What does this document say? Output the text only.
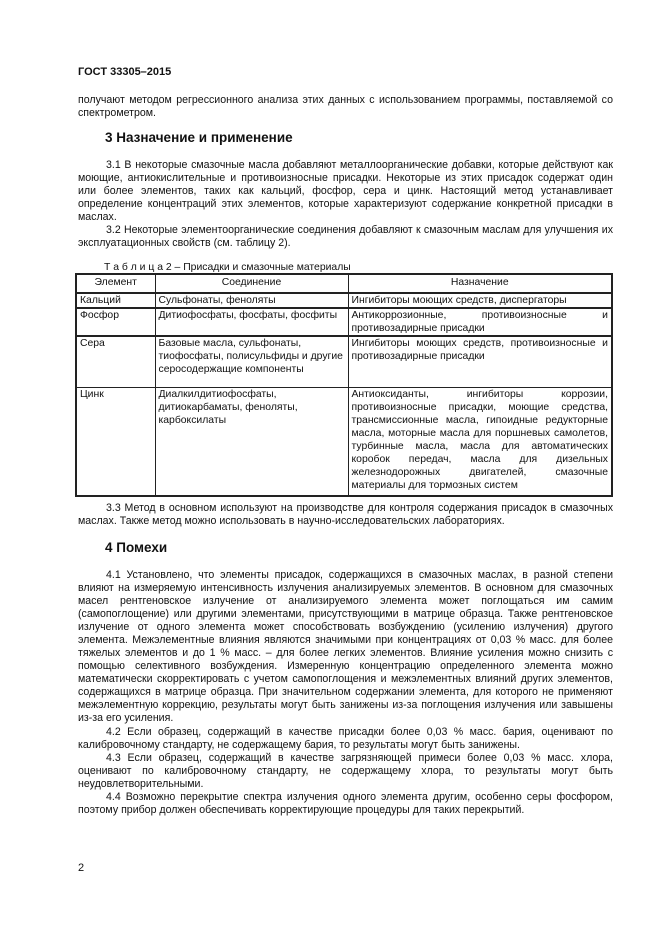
ГОСТ 33305–2015
получают методом регрессионного анализа этих данных с использованием программы, поставляемой со спектрометром.
3 Назначение и применение
3.1 В некоторые смазочные масла добавляют металлоорганические добавки, которые действуют как моющие, антиокислительные и противоизносные присадки. Некоторые из этих присадок содержат один или более элементов, таких как кальций, фосфор, сера и цинк. Настоящий метод устанавливает определение концентраций этих элементов, которые характеризуют содержание конкретной присадки в маслах.
3.2 Некоторые элементоорганические соединения добавляют к смазочным маслам для улучшения их эксплуатационных свойств (см. таблицу 2).
Т а б л и ц а 2 – Присадки и смазочные материалы
Элемент	Соединение	Назначение
Кальций	Сульфонаты, феноляты	Ингибиторы моющих средств, диспергаторы
Фосфор	Дитиофосфаты, фосфаты, фосфиты	Антикоррозионные, противоизносные и противозадирные присадки
Сера	Базовые масла, сульфонаты, тиофосфаты, полисульфиды и другие серосодержащие компоненты	Ингибиторы моющих средств, противоизносные и противозадирные присадки
Цинк	Диалкилдитиофосфаты, дитиокарбаматы, феноляты, карбоксилаты	Антиоксиданты, ингибиторы коррозии, противоизносные присадки, моющие средства, трансмиссионные масла, гипоидные редукторные масла, моторные масла для поршневых самолетов, турбинные масла, масла для автоматических коробок передач, масла для дизельных железнодорожных двигателей, смазочные материалы для тормозных систем
3.3 Метод в основном используют на производстве для контроля содержания присадок в смазочных маслах. Также метод можно использовать в научно-исследовательских лабораториях.
4 Помехи
4.1 Установлено, что элементы присадок, содержащихся в смазочных маслах, в разной степени влияют на измеряемую интенсивность излучения анализируемых элементов. В основном для смазочных масел рентгеновское излучение от анализируемого элемента может поглощаться им самим (самопоглощение) или другими элементами, присутствующими в матрице образца. Также рентгеновское излучение от одного элемента может способствовать возбуждению (усилению излучения) другого элемента. Межэлементные влияния являются значимыми при концентрациях от 0,03 % масс. для более тяжелых элементов и до 1 % масс. – для более легких элементов. Влияние усиления можно снизить с помощью селективного возбуждения. Измеренную концентрацию определенного элемента можно математически скорректировать с учетом самопоглощения и межэлементных влияний других элементов, содержащихся в матрице образца. При значительном содержании элемента, для которого не применяют межэлементную коррекцию, результаты могут быть занижены из-за поглощения излучения или завышены из-за его усиления.
4.2 Если образец, содержащий в качестве присадки более 0,03 % масс. бария, оценивают по калибровочному стандарту, не содержащему бария, то результаты могут быть занижены.
4.3 Если образец, содержащий в качестве загрязняющей примеси более 0,03 % масс. хлора, оценивают по калибровочному стандарту, не содержащему хлора, то результаты могут быть неудовлетворительными.
4.4 Возможно перекрытие спектра излучения одного элемента другим, особенно серы фосфором, поэтому прибор должен обеспечивать корректирующие процедуры для таких перекрытий.
2
